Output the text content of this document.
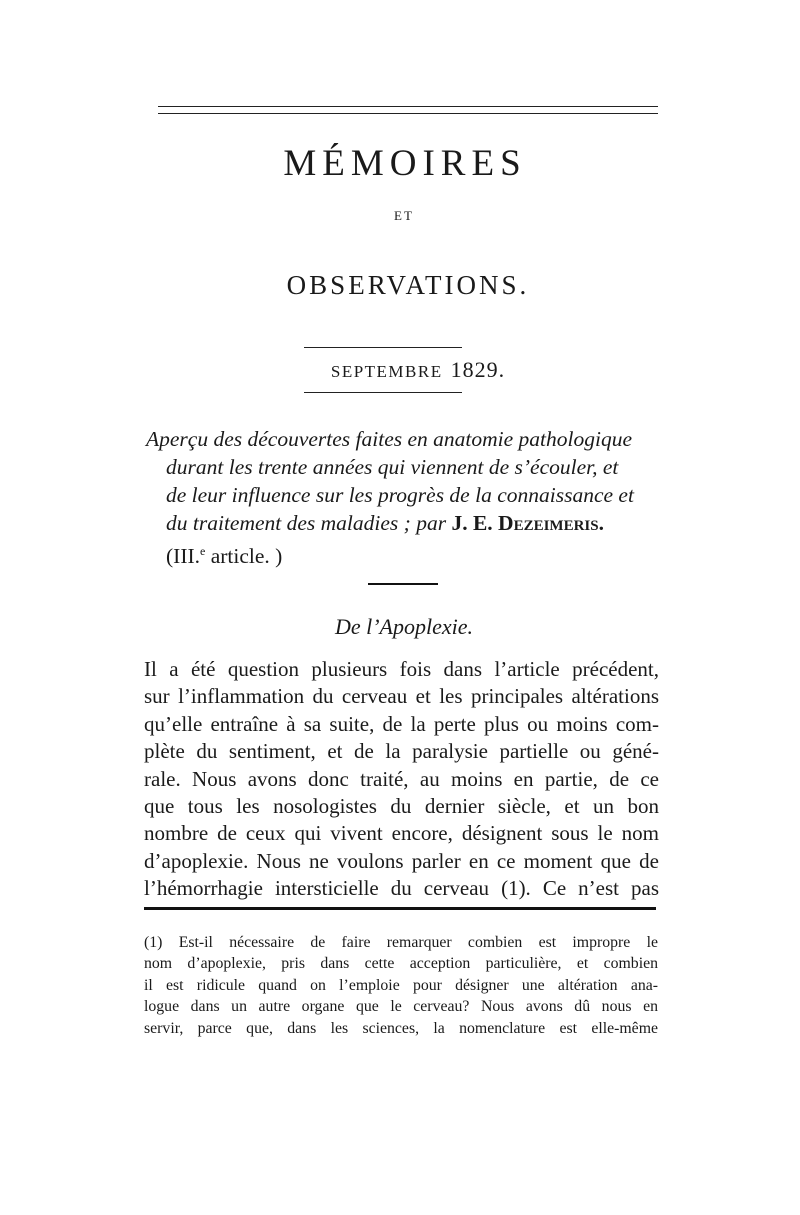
MÉMOIRES
ET
OBSERVATIONS.
SEPTEMBRE 1829.
Aperçu des découvertes faites en anatomie pathologique
durant les trente années qui viennent de s’écouler, et
de leur influence sur les progrès de la connaissance et
du traitement des maladies ; par J. E. Dezeimeris.
(III.$^e$ article. )
De l’Apoplexie.
Il a été question plusieurs fois dans l’article précédent,
sur l’inflammation du cerveau et les principales altérations
qu’elle entraîne à sa suite, de la perte plus ou moins com-
plète du sentiment, et de la paralysie partielle ou géné-
rale. Nous avons donc traité, au moins en partie, de ce
que tous les nosologistes du dernier siècle, et un bon
nombre de ceux qui vivent encore, désignent sous le nom
d’apoplexie. Nous ne voulons parler en ce moment que de
l’hémorrhagie intersticielle du cerveau (1). Ce n’est pas
(1) Est-il nécessaire de faire remarquer combien est impropre le
nom d’apoplexie, pris dans cette acception particulière, et combien
il est ridicule quand on l’emploie pour désigner une altération ana-
logue dans un autre organe que le cerveau? Nous avons dû nous en
servir, parce que, dans les sciences, la nomenclature est elle-même
